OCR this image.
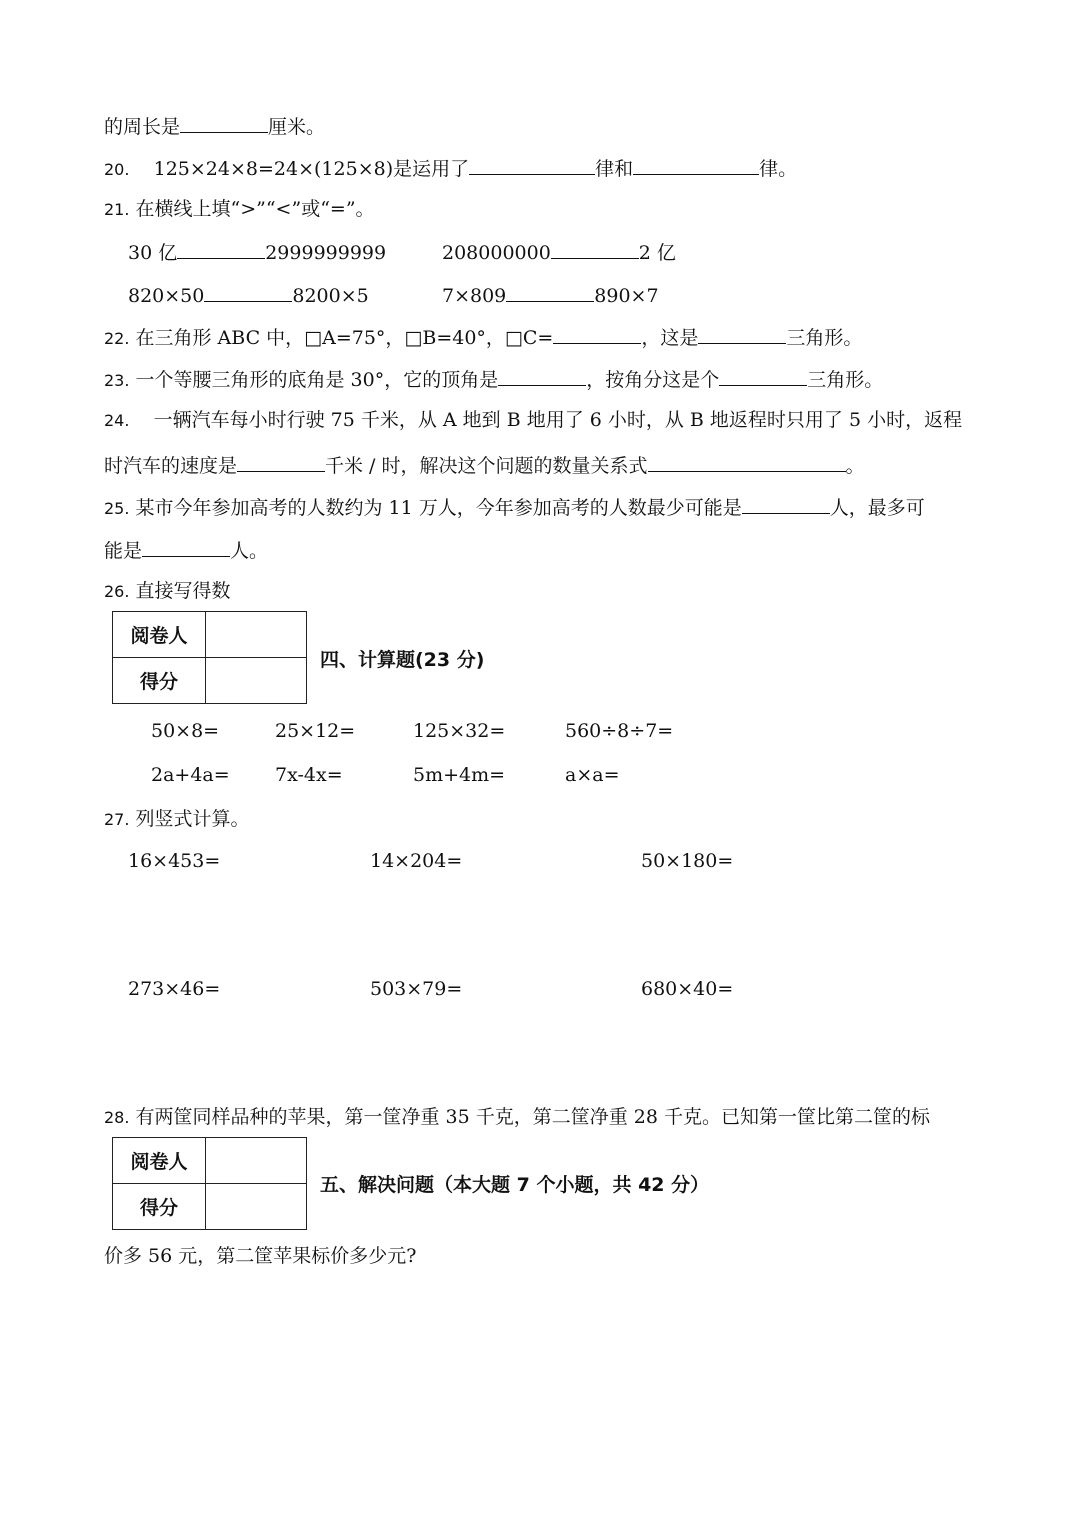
的周长是	厘米。
20. 125×24×8=24×(125×8)是运用了	律和	律。
21. 在横线上填“>”“<”或“=”。
30 亿	2999999999	208000000	2 亿
820×50	8200×5	7×809	890×7
22. 在三角形 ABC 中，□A=75°，□B=40°，□C=	，这是	三角形。
23. 一个等腰三角形的底角是 30°，它的顶角是	，按角分这是个	三角形。
24. 一辆汽车每小时行驶 75 千米，从 A 地到 B 地用了 6 小时，从 B 地返程时只用了 5 小时，返程
时汽车的速度是	千米 / 时，解决这个问题的数量关系式	。
25. 某市今年参加高考的人数约为 11 万人，今年参加高考的人数最少可能是	人，最多可
能是	人。
26. 直接写得数
阅卷人	
得分	
四、计算题(23 分)
50×8=	25×12=	125×32=	560÷8÷7=
2a+4a= 7x-4x=	5m+4m=	a×a=
27. 列竖式计算。
16×453=	14×204=	50×180=
273×46=	503×79=	680×40=
28. 有两筐同样品种的苹果，第一筐净重 35 千克，第二筐净重 28 千克。已知第一筐比第二筐的标
阅卷人	
得分	
五、解决问题（本大题 7 个小题，共 42 分）
价多 56 元，第二筐苹果标价多少元?
